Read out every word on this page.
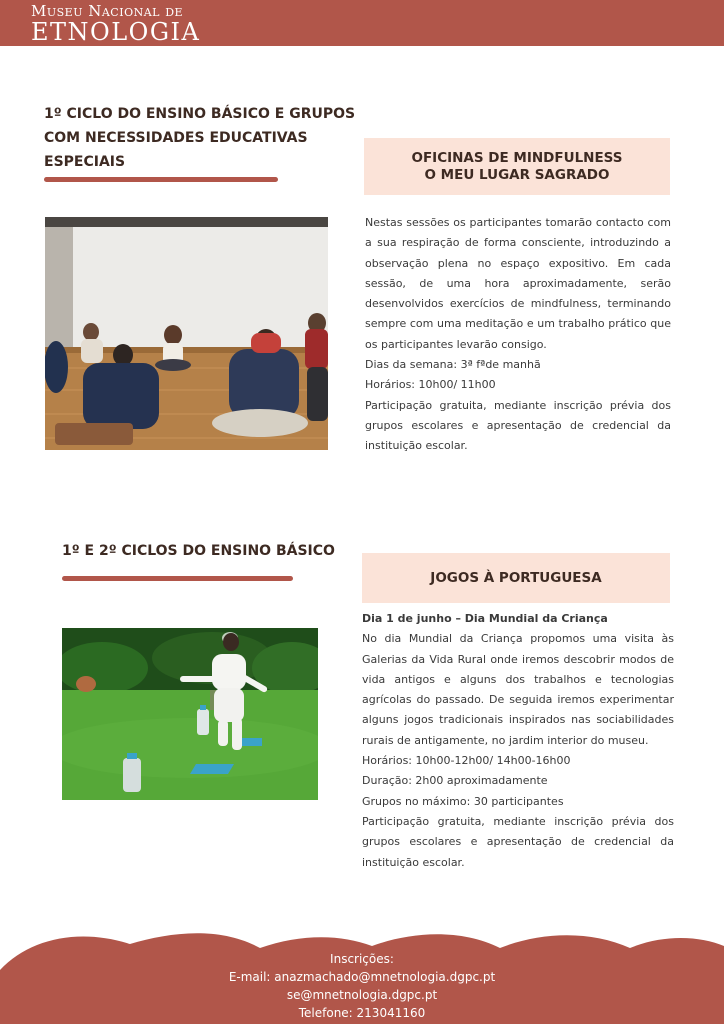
Museu Nacional de
ETNOLOGIA
1º CICLO DO ENSINO BÁSICO E GRUPOS
COM NECESSIDADES EDUCATIVAS
ESPECIAIS	OFICINAS DE MINDFULNESS
O MEU LUGAR SAGRADO
Nestas sessões os participantes tomarão contacto com a sua respiração de forma consciente, introduzindo a observação plena no espaço expositivo. Em cada sessão, de uma hora aproximadamente, serão desenvolvidos exercícios de mindfulness, terminando sempre com uma meditação e um trabalho prático que os participantes levarão consigo.
Dias da semana: 3ª fªde manhã
Horários: 10h00/ 11h00
Participação gratuita, mediante inscrição prévia dos grupos escolares e apresentação de credencial da instituição escolar.
1º E 2º CICLOS DO ENSINO BÁSICO
JOGOS À PORTUGUESA
Dia 1 de junho – Dia Mundial da Criança
No dia Mundial da Criança propomos uma visita às Galerias da Vida Rural onde iremos descobrir modos de vida antigos e alguns dos trabalhos e tecnologias agrícolas do passado. De seguida iremos experimentar alguns jogos tradicionais inspirados nas sociabilidades rurais de antigamente, no jardim interior do museu.
Horários: 10h00-12h00/ 14h00-16h00
Duração: 2h00 aproximadamente
Grupos no máximo: 30 participantes
Participação gratuita, mediante inscrição prévia dos grupos escolares e apresentação de credencial da instituição escolar.
Inscrições:
E-mail: anazmachado@mnetnologia.dgpc.pt
se@mnetnologia.dgpc.pt
Telefone: 213041160
